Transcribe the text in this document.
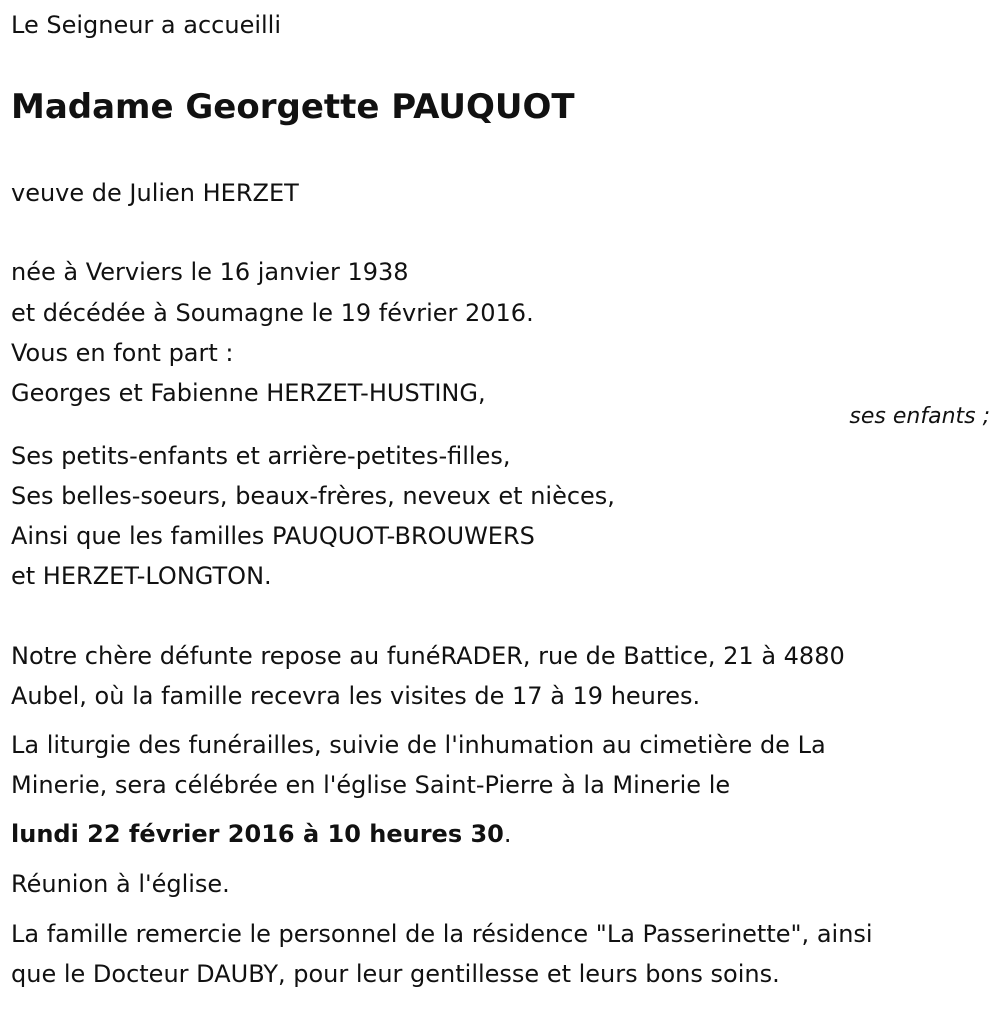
Le Seigneur a accueilli
Madame Georgette PAUQUOT
veuve de Julien HERZET
née à Verviers le 16 janvier 1938
et décédée à Soumagne le 19 février 2016.
Vous en font part :
Georges et Fabienne HERZET-HUSTING,
ses enfants ;
Ses petits-enfants et arrière-petites-filles,
Ses belles-soeurs, beaux-frères, neveux et nièces,
Ainsi que les familles PAUQUOT-BROUWERS
et HERZET-LONGTON.
Notre chère défunte repose au funéRADER, rue de Battice, 21 à 4880
Aubel, où la famille recevra les visites de 17 à 19 heures.
La liturgie des funérailles, suivie de l'inhumation au cimetière de La
Minerie, sera célébrée en l'église Saint-Pierre à la Minerie le
lundi 22 février 2016 à 10 heures 30.
Réunion à l'église.
La famille remercie le personnel de la résidence "La Passerinette", ainsi
que le Docteur DAUBY, pour leur gentillesse et leurs bons soins.
